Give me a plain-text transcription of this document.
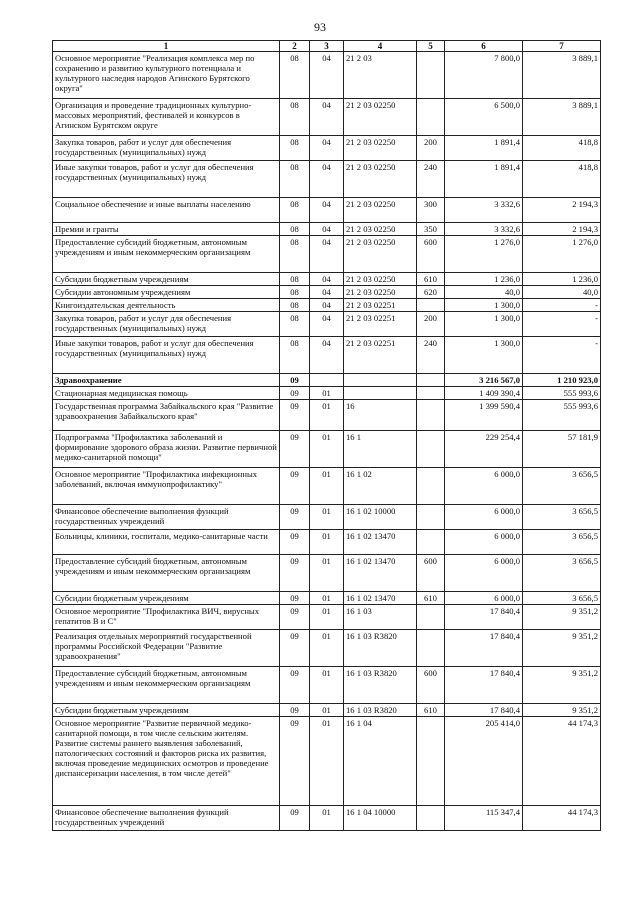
93
1	2	3	4	5	6	7
Основное мероприятие "Реализация комплекса мер по сохранению и развитию культурного потенциала и культурного наследия народов Агинского Бурятского округа"	08	04	21 2 03		7 800,0	3 889,1
Организация и проведение традиционных культурно-массовых мероприятий, фестивалей и конкурсов в Агинском Бурятском округе	08	04	21 2 03 02250		6 500,0	3 889,1
Закупка товаров, работ и услуг для обеспечения государственных (муниципальных) нужд	08	04	21 2 03 02250	200	1 891,4	418,8
Иные закупки товаров, работ и услуг для обеспечения государственных (муниципальных) нужд	08	04	21 2 03 02250	240	1 891,4	418,8
Социальное обеспечение и иные выплаты населению	08	04	21 2 03 02250	300	3 332,6	2 194,3
Премии и гранты	08	04	21 2 03 02250	350	3 332,6	2 194,3
Предоставление субсидий бюджетным, автономным учреждениям и иным некоммерческим организациям	08	04	21 2 03 02250	600	1 276,0	1 276,0
Субсидии бюджетным учреждениям	08	04	21 2 03 02250	610	1 236,0	1 236,0
Субсидии автономным учреждениям	08	04	21 2 03 02250	620	40,0	40,0
Книгоиздательская деятельность	08	04	21 2 03 02251		1 300,0	-
Закупка товаров, работ и услуг для обеспечения государственных (муниципальных) нужд	08	04	21 2 03 02251	200	1 300,0	-
Иные закупки товаров, работ и услуг для обеспечения государственных (муниципальных) нужд	08	04	21 2 03 02251	240	1 300,0	-
Здравоохранение	09				3 216 567,0	1 210 923,0
Стационарная медицинская помощь	09	01			1 409 390,4	555 993,6
Государственная программа Забайкальского края "Развитие здравоохранения Забайкальского края"	09	01	16		1 399 590,4	555 993,6
Подпрограмма "Профилактика заболеваний и формирование здорового образа жизни. Развитие первичной медико-санитарной помощи"	09	01	16 1		229 254,4	57 181,9
Основное мероприятие "Профилактика инфекционных заболеваний, включая иммунопрофилактику"	09	01	16 1 02		6 000,0	3 656,5
Финансовое обеспечение выполнения функций государственных учреждений	09	01	16 1 02 10000		6 000,0	3 656,5
Больницы, клиники, госпитали, медико-санитарные части	09	01	16 1 02 13470		6 000,0	3 656,5
Предоставление субсидий бюджетным, автономным учреждениям и иным некоммерческим организациям	09	01	16 1 02 13470	600	6 000,0	3 656,5
Субсидии бюджетным учреждениям	09	01	16 1 02 13470	610	6 000,0	3 656,5
Основное мероприятие "Профилактика ВИЧ, вирусных гепатитов В и С"	09	01	16 1 03		17 840,4	9 351,2
Реализация отдельных мероприятий государственной программы Российской Федерации "Развитие здравоохранения"	09	01	16 1 03 R3820		17 840,4	9 351,2
Предоставление субсидий бюджетным, автономным учреждениям и иным некоммерческим организациям	09	01	16 1 03 R3820	600	17 840,4	9 351,2
Субсидии бюджетным учреждениям	09	01	16 1 03 R3820	610	17 840,4	9 351,2
Основное мероприятие "Развитие первичной медико-санитарной помощи, в том числе сельским жителям. Развитие системы раннего выявления заболеваний, патологических состояний и факторов риска их развития, включая проведение медицинских осмотров и проведение диспансеризации населения, в том числе детей"	09	01	16 1 04		205 414,0	44 174,3
Финансовое обеспечение выполнения функций государственных учреждений	09	01	16 1 04 10000		115 347,4	44 174,3
